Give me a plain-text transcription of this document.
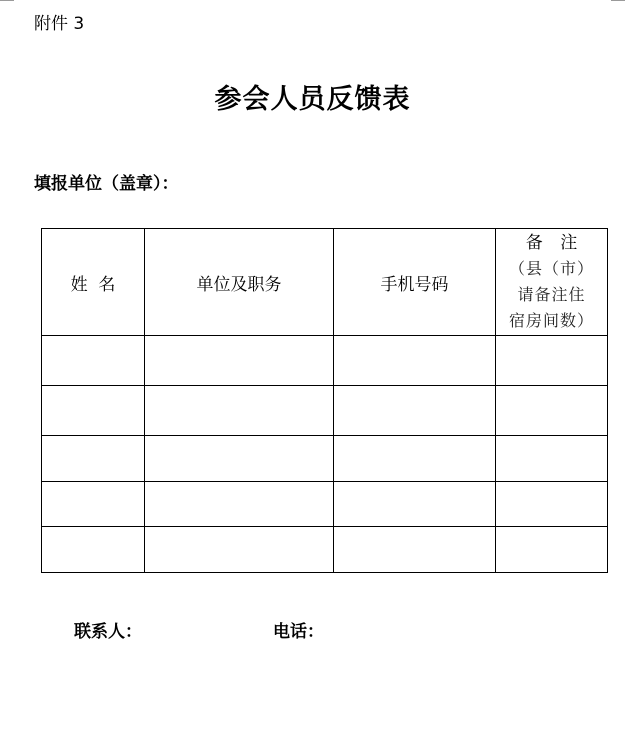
附件 3
参会人员反馈表
填报单位（盖章）：
姓  名	单位及职务	手机号码	备 注
（县（市）
请备注住
宿房间数）

联系人：	电话：
